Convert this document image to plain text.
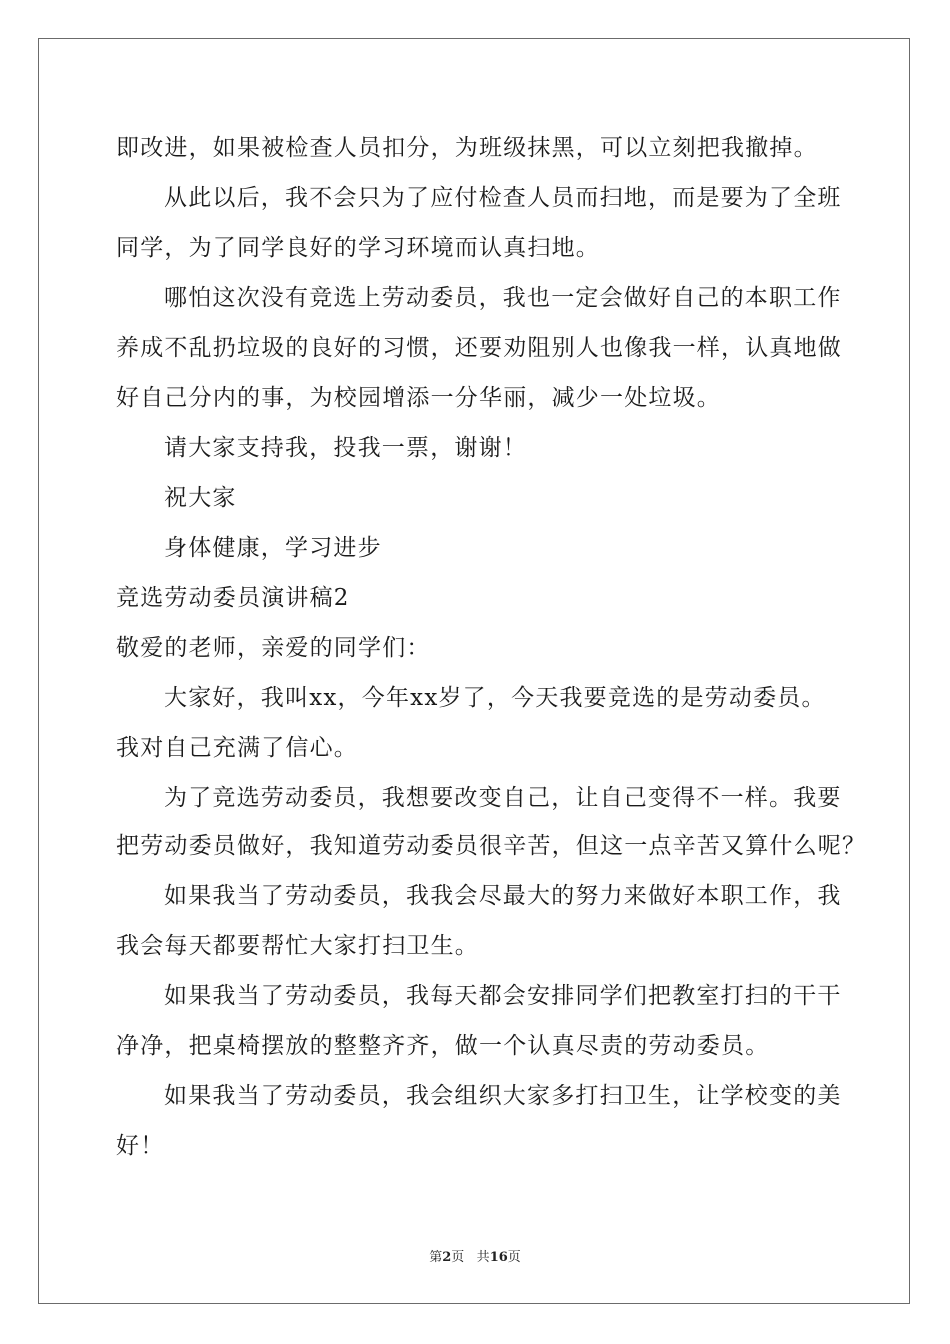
即改进，如果被检查人员扣分，为班级抹黑，可以立刻把我撤掉。
从此以后，我不会只为了应付检查人员而扫地，而是要为了全班
同学，为了同学良好的学习环境而认真扫地。
哪怕这次没有竞选上劳动委员，我也一定会做好自己的本职工作
养成不乱扔垃圾的良好的习惯，还要劝阻别人也像我一样，认真地做
好自己分内的事，为校园增添一分华丽，减少一处垃圾。
请大家支持我，投我一票，谢谢！
祝大家
身体健康，学习进步
竞选劳动委员演讲稿2
敬爱的老师，亲爱的同学们：
大家好，我叫xx，今年xx岁了，今天我要竞选的是劳动委员。
我对自己充满了信心。
为了竞选劳动委员，我想要改变自己，让自己变得不一样。我要
把劳动委员做好，我知道劳动委员很辛苦，但这一点辛苦又算什么呢？
如果我当了劳动委员，我我会尽最大的努力来做好本职工作，我
我会每天都要帮忙大家打扫卫生。
如果我当了劳动委员，我每天都会安排同学们把教室打扫的干干
净净，把桌椅摆放的整整齐齐，做一个认真尽责的劳动委员。
如果我当了劳动委员，我会组织大家多打扫卫生，让学校变的美
好！
第2页 共16页
